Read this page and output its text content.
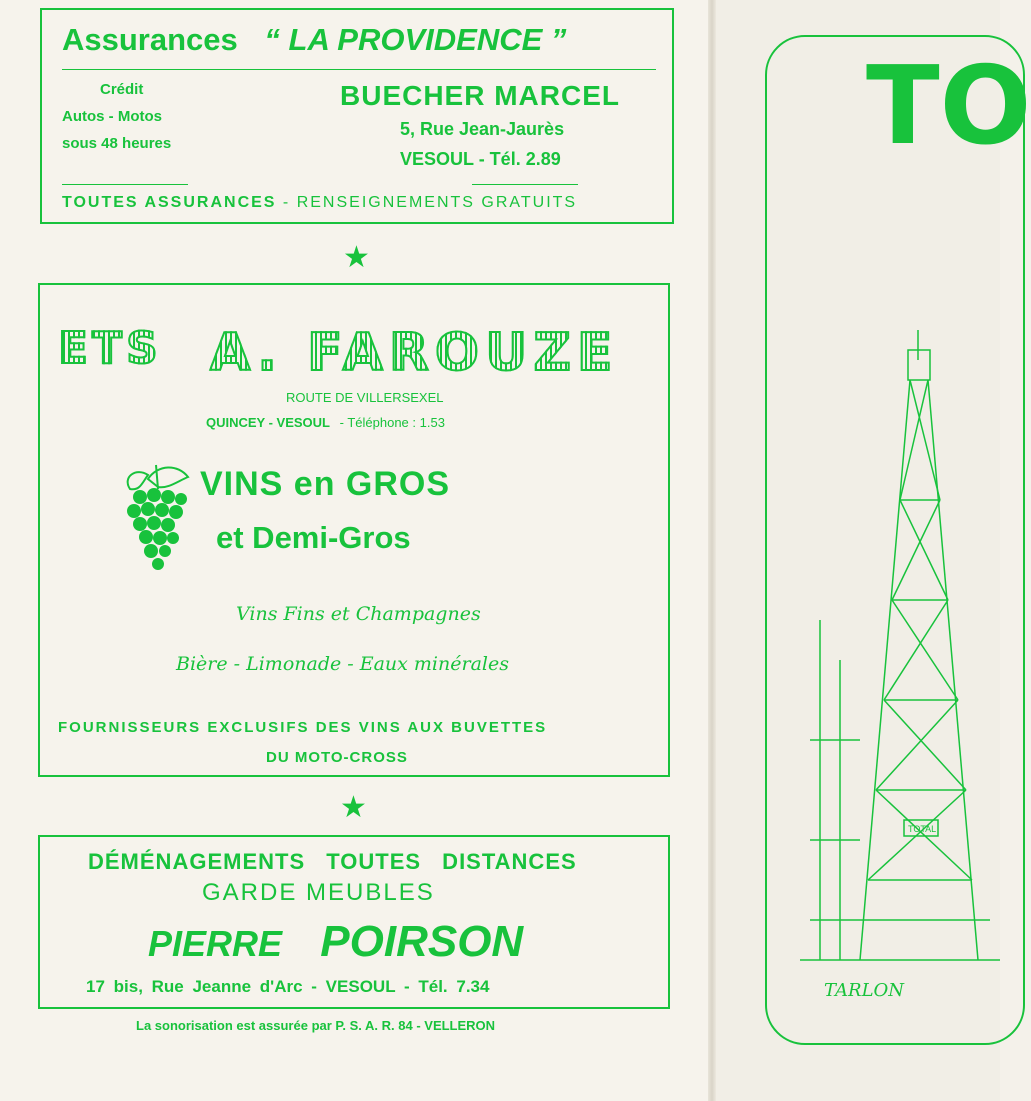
Assurances “ LA PROVIDENCE ”
Crédit
Autos - Motos
sous 48 heures
BUECHER MARCEL
5, Rue Jean-Jaurès
VESOUL - Tél. 2.89
TOUTES ASSURANCES - RENSEIGNEMENTS GRATUITS
★
ETS A. FAROUZE
ROUTE DE VILLERSEXEL
QUINCEY - VESOUL - Téléphone : 1.53
VINS en GROS
et Demi-Gros
Vins Fins et Champagnes
Bière - Limonade - Eaux minérales
FOURNISSEURS EXCLUSIFS DES VINS AUX BUVETTES
DU MOTO-CROSS
★
DÉMÉNAGEMENTS TOUTES DISTANCES
GARDE MEUBLES
PIERRE POIRSON
17 bis, Rue Jeanne d'Arc - VESOUL - Tél. 7.34
La sonorisation est assurée par P. S. A. R. 84 - VELLERON
TO
TOTAL
TARLON
